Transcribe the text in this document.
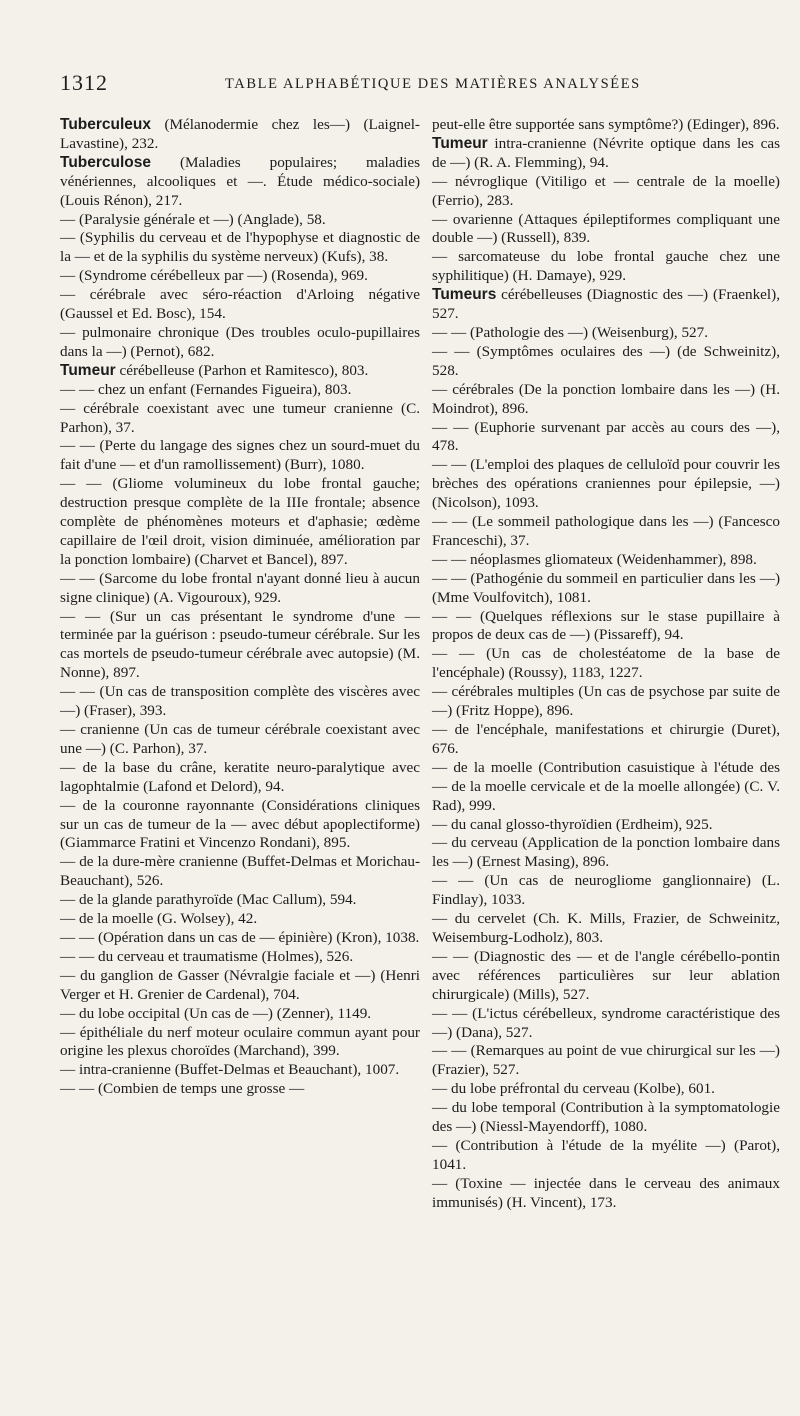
1312	TABLE ALPHABÉTIQUE DES MATIÈRES ANALYSÉES

Tuberculeux (Mélanodermie chez les—) (Laignel-Lavastine), 232.

Tuberculose (Maladies populaires; maladies vénériennes, alcooliques et —. Étude médico-sociale) (Louis Rénon), 217.

— (Paralysie générale et —) (Anglade), 58.

— (Syphilis du cerveau et de l'hypophyse et diagnostic de la — et de la syphilis du système nerveux) (Kufs), 38.

— (Syndrome cérébelleux par —) (Rosenda), 969.

— cérébrale avec séro-réaction d'Arloing négative (Gaussel et Ed. Bosc), 154.

— pulmonaire chronique (Des troubles oculo-pupillaires dans la —) (Pernot), 682.

Tumeur cérébelleuse (Parhon et Ramitesco), 803.

— — chez un enfant (Fernandes Figueira), 803.

— cérébrale coexistant avec une tumeur cranienne (C. Parhon), 37.

— — (Perte du langage des signes chez un sourd-muet du fait d'une — et d'un ramollissement) (Burr), 1080.

— — (Gliome volumineux du lobe frontal gauche; destruction presque complète de la IIIe frontale; absence complète de phénomènes moteurs et d'aphasie; œdème capillaire de l'œil droit, vision diminuée, amélioration par la ponction lombaire) (Charvet et Bancel), 897.

— — (Sarcome du lobe frontal n'ayant donné lieu à aucun signe clinique) (A. Vigouroux), 929.

— — (Sur un cas présentant le syndrome d'une — terminée par la guérison : pseudo-tumeur cérébrale. Sur les cas mortels de pseudo-tumeur cérébrale avec autopsie) (M. Nonne), 897.

— — (Un cas de transposition complète des viscères avec —) (Fraser), 393.

— cranienne (Un cas de tumeur cérébrale coexistant avec une —) (C. Parhon), 37.

— de la base du crâne, keratite neuro-paralytique avec lagophtalmie (Lafond et Delord), 94.

— de la couronne rayonnante (Considérations cliniques sur un cas de tumeur de la — avec début apoplectiforme) (Giammarce Fratini et Vincenzo Rondani), 895.

— de la dure-mère cranienne (Buffet-Delmas et Morichau-Beauchant), 526.

— de la glande parathyroïde (Mac Callum), 594.

— de la moelle (G. Wolsey), 42.

— — (Opération dans un cas de — épinière) (Kron), 1038.

— — du cerveau et traumatisme (Holmes), 526.

— du ganglion de Gasser (Névralgie faciale et —) (Henri Verger et H. Grenier de Cardenal), 704.

— du lobe occipital (Un cas de —) (Zenner), 1149.

— épithéliale du nerf moteur oculaire commun ayant pour origine les plexus choroïdes (Marchand), 399.

— intra-cranienne (Buffet-Delmas et Beauchant), 1007.

— — (Combien de temps une grosse —

peut-elle être supportée sans symptôme?) (Edinger), 896.

Tumeur intra-cranienne (Névrite optique dans les cas de —) (R. A. Flemming), 94.

— névroglique (Vitiligo et — centrale de la moelle) (Ferrio), 283.

— ovarienne (Attaques épileptiformes compliquant une double —) (Russell), 839.

— sarcomateuse du lobe frontal gauche chez une syphilitique) (H. Damaye), 929.

Tumeurs cérébelleuses (Diagnostic des —) (Fraenkel), 527.

— — (Pathologie des —) (Weisenburg), 527.

— — (Symptômes oculaires des —) (de Schweinitz), 528.

— cérébrales (De la ponction lombaire dans les —) (H. Moindrot), 896.

— — (Euphorie survenant par accès au cours des —), 478.

— — (L'emploi des plaques de celluloïd pour couvrir les brèches des opérations craniennes pour épilepsie, —) (Nicolson), 1093.

— — (Le sommeil pathologique dans les —) (Fancesco Franceschi), 37.

— — néoplasmes gliomateux (Weidenhammer), 898.

— — (Pathogénie du sommeil en particulier dans les —) (Mme Voulfovitch), 1081.

— — (Quelques réflexions sur le stase pupillaire à propos de deux cas de —) (Pissareff), 94.

— — (Un cas de cholestéatome de la base de l'encéphale) (Roussy), 1183, 1227.

— cérébrales multiples (Un cas de psychose par suite de —) (Fritz Hoppe), 896.

— de l'encéphale, manifestations et chirurgie (Duret), 676.

— de la moelle (Contribution casuistique à l'étude des — de la moelle cervicale et de la moelle allongée) (C. V. Rad), 999.

— du canal glosso-thyroïdien (Erdheim), 925.

— du cerveau (Application de la ponction lombaire dans les —) (Ernest Masing), 896.

— — (Un cas de neurogliome ganglionnaire) (L. Findlay), 1033.

— du cervelet (Ch. K. Mills, Frazier, de Schweinitz, Weisemburg-Lodholz), 803.

— — (Diagnostic des — et de l'angle cérébello-pontin avec références particulières sur leur ablation chirurgicale) (Mills), 527.

— — (L'ictus cérébelleux, syndrome caractéristique des —) (Dana), 527.

— — (Remarques au point de vue chirurgical sur les —) (Frazier), 527.

— du lobe préfrontal du cerveau (Kolbe), 601.

— du lobe temporal (Contribution à la symptomatologie des —) (Niessl-Mayendorff), 1080.

— (Contribution à l'étude de la myélite —) (Parot), 1041.

— (Toxine — injectée dans le cerveau des animaux immunisés) (H. Vincent), 173.
